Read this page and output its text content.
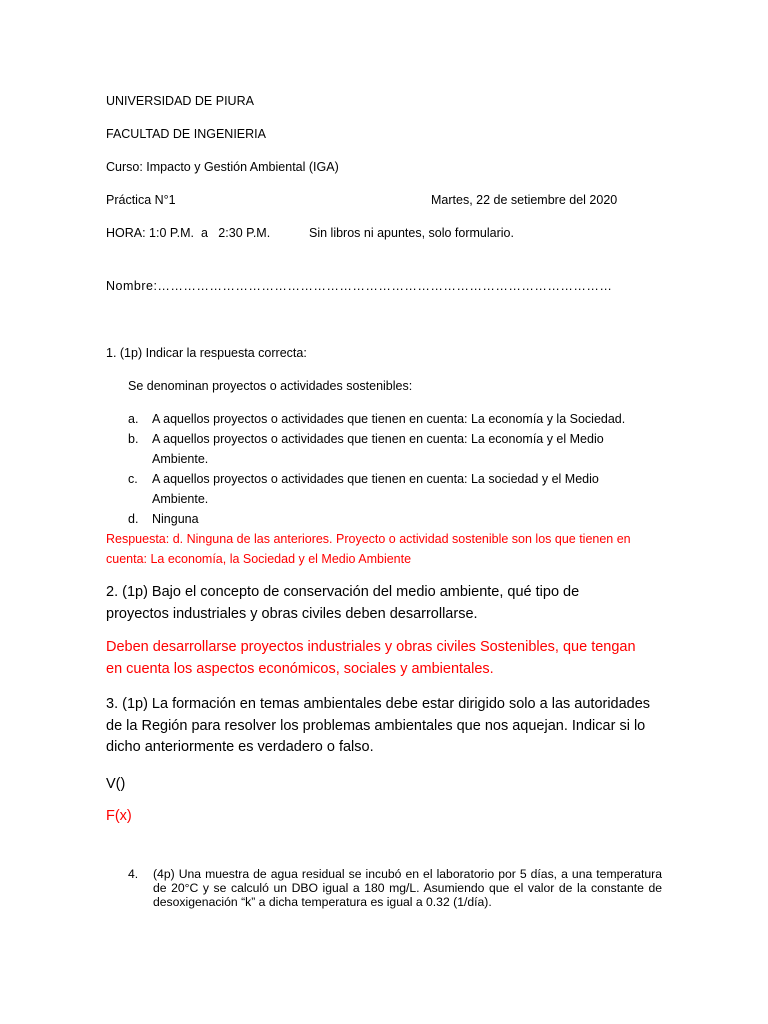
UNIVERSIDAD DE PIURA
FACULTAD DE INGENIERIA
Curso: Impacto y Gestión Ambiental (IGA)
Práctica N°1	Martes, 22 de setiembre del 2020
HORA: 1:0 P.M.  a   2:30 P.M.	Sin libros ni apuntes, solo formulario.
Nombre:……………………………………………………………………………………………
1. (1p) Indicar la respuesta correcta:
Se denominan proyectos o actividades sostenibles:
a. A aquellos proyectos o actividades que tienen en cuenta: La economía y la Sociedad.
b. A aquellos proyectos o actividades que tienen en cuenta: La economía y el Medio Ambiente.
c. A aquellos proyectos o actividades que tienen en cuenta: La sociedad y el Medio Ambiente.
d. Ninguna
Respuesta: d. Ninguna de las anteriores. Proyecto o actividad sostenible son los que tienen en cuenta: La economía, la Sociedad y el Medio Ambiente
2. (1p) Bajo el concepto de conservación del medio ambiente, qué tipo de proyectos industriales y obras civiles deben desarrollarse.
Deben desarrollarse proyectos industriales y obras civiles Sostenibles, que tengan en cuenta los aspectos económicos, sociales y ambientales.
3. (1p) La formación en temas ambientales debe estar dirigido solo a las autoridades de la Región para resolver los problemas ambientales que nos aquejan. Indicar si lo dicho anteriormente es verdadero o falso.
V()
F(x)
4. (4p) Una muestra de agua residual se incubó en el laboratorio por 5 días, a una temperatura de 20°C y se calculó un DBO igual a 180 mg/L. Asumiendo que el valor de la constante de desoxigenación “k” a dicha temperatura es igual a 0.32 (1/día).
